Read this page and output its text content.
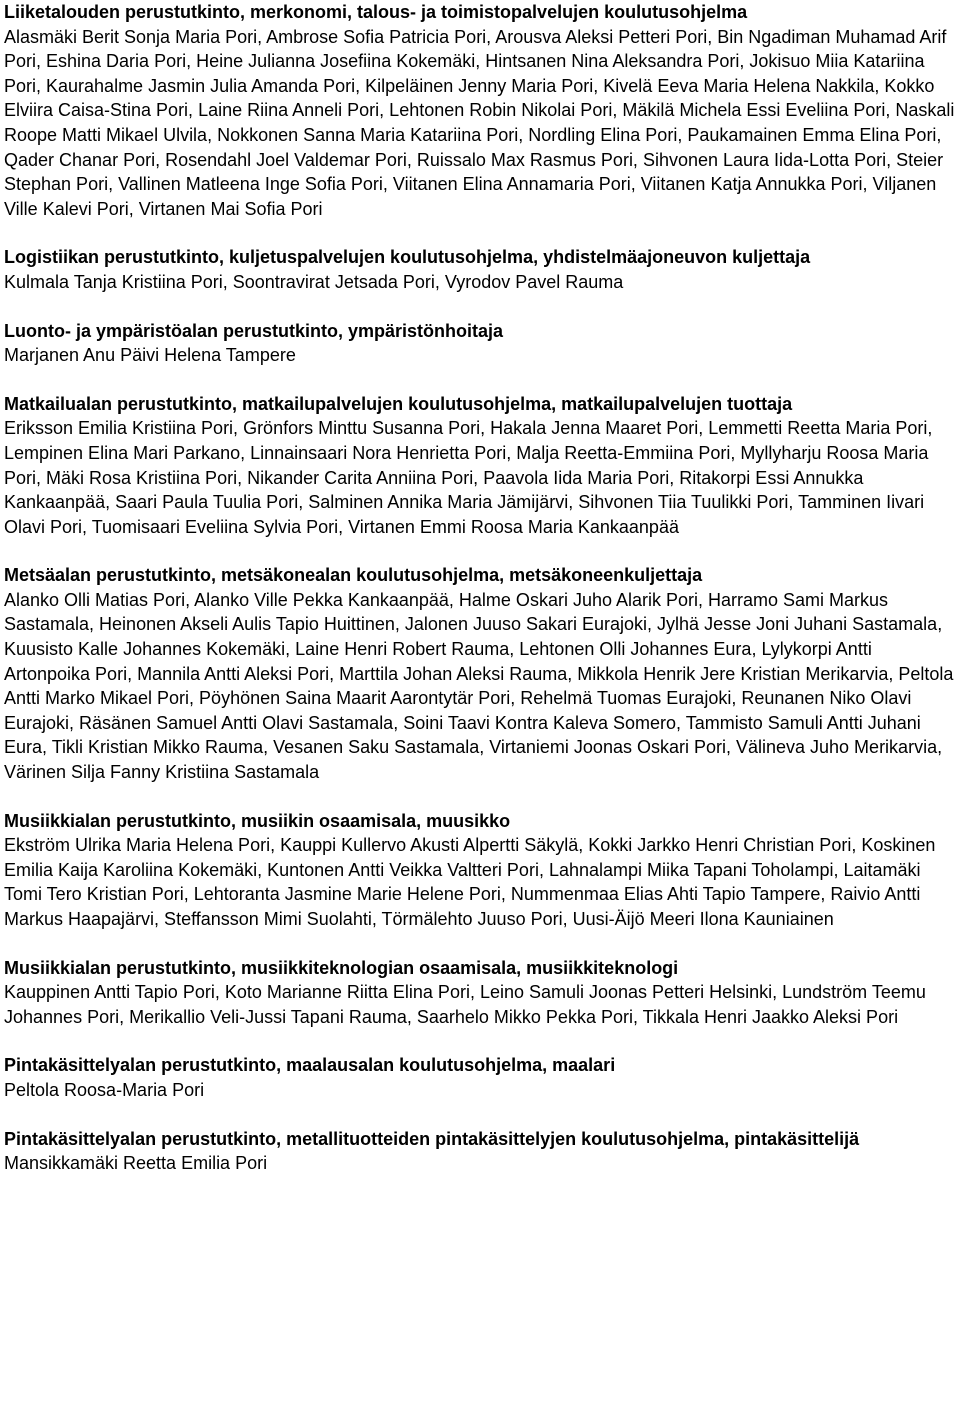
Liiketalouden perustutkinto, merkonomi, talous- ja toimistopalvelujen koulutusohjelma

Alasmäki Berit Sonja Maria Pori, Ambrose Sofia Patricia Pori, Arousva Aleksi Petteri Pori, Bin Ngadiman Muhamad Arif Pori, Eshina Daria Pori, Heine Julianna Josefiina Kokemäki, Hintsanen Nina Aleksandra Pori, Jokisuo Miia Katariina Pori, Kaurahalme Jasmin Julia Amanda Pori, Kilpeläinen Jenny Maria Pori, Kivelä Eeva Maria Helena Nakkila, Kokko Elviira Caisa-Stina Pori, Laine Riina Anneli Pori, Lehtonen Robin Nikolai Pori, Mäkilä Michela Essi Eveliina Pori, Naskali Roope Matti Mikael Ulvila, Nokkonen Sanna Maria Katariina Pori, Nordling Elina Pori, Paukamainen Emma Elina Pori, Qader Chanar Pori, Rosendahl Joel Valdemar Pori, Ruissalo Max Rasmus Pori, Sihvonen Laura Iida-Lotta Pori, Steier Stephan Pori, Vallinen Matleena Inge Sofia Pori, Viitanen Elina Annamaria Pori, Viitanen Katja Annukka Pori, Viljanen Ville Kalevi Pori, Virtanen Mai Sofia Pori

Logistiikan perustutkinto, kuljetuspalvelujen koulutusohjelma, yhdistelmäajoneuvon kuljettaja

Kulmala Tanja Kristiina Pori, Soontravirat Jetsada Pori, Vyrodov Pavel Rauma

Luonto- ja ympäristöalan perustutkinto, ympäristönhoitaja

Marjanen Anu Päivi Helena Tampere

Matkailualan perustutkinto, matkailupalvelujen koulutusohjelma, matkailupalvelujen tuottaja

Eriksson Emilia Kristiina Pori, Grönfors Minttu Susanna Pori, Hakala Jenna Maaret Pori, Lemmetti Reetta Maria Pori, Lempinen Elina Mari Parkano, Linnainsaari Nora Henrietta Pori, Malja Reetta-Emmiina Pori, Myllyharju Roosa Maria Pori, Mäki Rosa Kristiina Pori, Nikander Carita Anniina Pori, Paavola Iida Maria Pori, Ritakorpi Essi Annukka Kankaanpää, Saari Paula Tuulia Pori, Salminen Annika Maria Jämijärvi, Sihvonen Tiia Tuulikki Pori, Tamminen Iivari Olavi Pori, Tuomisaari Eveliina Sylvia Pori, Virtanen Emmi Roosa Maria Kankaanpää

Metsäalan perustutkinto, metsäkonealan koulutusohjelma, metsäkoneenkuljettaja

Alanko Olli Matias Pori, Alanko Ville Pekka Kankaanpää, Halme Oskari Juho Alarik Pori, Harramo Sami Markus Sastamala, Heinonen Akseli Aulis Tapio Huittinen, Jalonen Juuso Sakari Eurajoki, Jylhä Jesse Joni Juhani Sastamala, Kuusisto Kalle Johannes Kokemäki, Laine Henri Robert Rauma, Lehtonen Olli Johannes Eura, Lylykorpi Antti Artonpoika Pori, Mannila Antti Aleksi Pori, Marttila Johan Aleksi Rauma, Mikkola Henrik Jere Kristian Merikarvia, Peltola Antti Marko Mikael Pori, Pöyhönen Saina Maarit Aarontytär Pori, Rehelmä Tuomas Eurajoki, Reunanen Niko Olavi Eurajoki, Räsänen Samuel Antti Olavi Sastamala, Soini Taavi Kontra Kaleva Somero, Tammisto Samuli Antti Juhani Eura, Tikli Kristian Mikko Rauma, Vesanen Saku Sastamala, Virtaniemi Joonas Oskari Pori, Välineva Juho Merikarvia, Värinen Silja Fanny Kristiina Sastamala

Musiikkialan perustutkinto, musiikin osaamisala, muusikko

Ekström Ulrika Maria Helena Pori, Kauppi Kullervo Akusti Alpertti Säkylä, Kokki Jarkko Henri Christian Pori, Koskinen Emilia Kaija Karoliina Kokemäki, Kuntonen Antti Veikka Valtteri Pori, Lahnalampi Miika Tapani Toholampi, Laitamäki Tomi Tero Kristian Pori, Lehtoranta Jasmine Marie Helene Pori, Nummenmaa Elias Ahti Tapio Tampere, Raivio Antti Markus Haapajärvi, Steffansson Mimi Suolahti, Törmälehto Juuso Pori, Uusi-Äijö Meeri Ilona Kauniainen

Musiikkialan perustutkinto, musiikkiteknologian osaamisala, musiikkiteknologi

Kauppinen Antti Tapio Pori, Koto Marianne Riitta Elina Pori, Leino Samuli Joonas Petteri Helsinki, Lundström Teemu Johannes Pori, Merikallio Veli-Jussi Tapani Rauma, Saarhelo Mikko Pekka Pori, Tikkala Henri Jaakko Aleksi Pori

Pintakäsittelyalan perustutkinto, maalausalan koulutusohjelma, maalari

Peltola Roosa-Maria Pori

Pintakäsittelyalan perustutkinto, metallituotteiden pintakäsittelyjen koulutusohjelma, pintakäsittelijä

Mansikkamäki Reetta Emilia Pori
